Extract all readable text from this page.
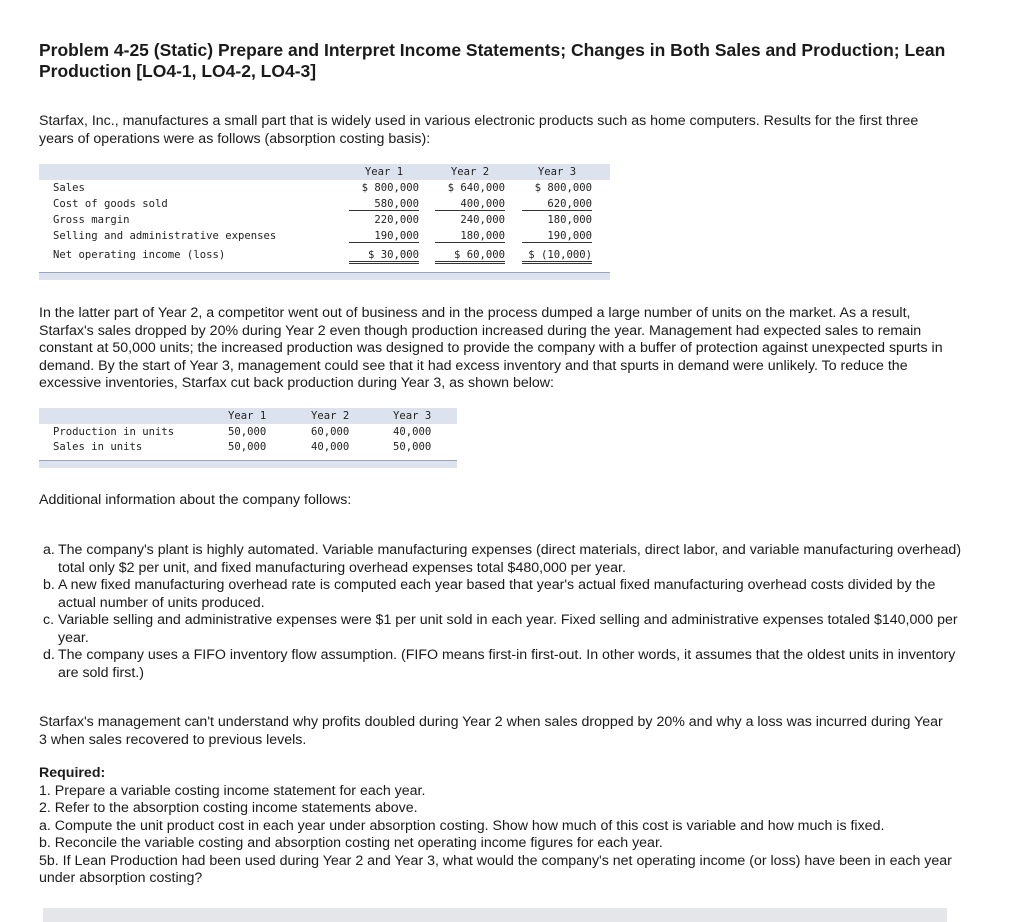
Problem 4-25 (Static) Prepare and Interpret Income Statements; Changes in Both Sales and Production; Lean Production [LO4-1, LO4-2, LO4-3]

Starfax, Inc., manufactures a small part that is widely used in various electronic products such as home computers. Results for the first three years of operations were as follows (absorption costing basis):

Year 1	Year 2	Year 3
Sales	$ 800,000	$ 640,000	$ 800,000
Cost of goods sold	580,000	400,000	620,000
Gross margin	220,000	240,000	180,000
Selling and administrative expenses	190,000	180,000	190,000
Net operating income (loss)	$ 30,000	$ 60,000	$ (10,000)

In the latter part of Year 2, a competitor went out of business and in the process dumped a large number of units on the market. As a result, Starfax's sales dropped by 20% during Year 2 even though production increased during the year. Management had expected sales to remain constant at 50,000 units; the increased production was designed to provide the company with a buffer of protection against unexpected spurts in demand. By the start of Year 3, management could see that it had excess inventory and that spurts in demand were unlikely. To reduce the excessive inventories, Starfax cut back production during Year 3, as shown below:

Year 1	Year 2	Year 3
Production in units	50,000	60,000	40,000
Sales in units	50,000	40,000	50,000

Additional information about the company follows:

a. The company's plant is highly automated. Variable manufacturing expenses (direct materials, direct labor, and variable manufacturing overhead) total only $2 per unit, and fixed manufacturing overhead expenses total $480,000 per year.
b. A new fixed manufacturing overhead rate is computed each year based that year's actual fixed manufacturing overhead costs divided by the actual number of units produced.
c. Variable selling and administrative expenses were $1 per unit sold in each year. Fixed selling and administrative expenses totaled $140,000 per year.
d. The company uses a FIFO inventory flow assumption. (FIFO means first-in first-out. In other words, it assumes that the oldest units in inventory are sold first.)

Starfax's management can't understand why profits doubled during Year 2 when sales dropped by 20% and why a loss was incurred during Year 3 when sales recovered to previous levels.

Required:
1. Prepare a variable costing income statement for each year.
2. Refer to the absorption costing income statements above.
a. Compute the unit product cost in each year under absorption costing. Show how much of this cost is variable and how much is fixed.
b. Reconcile the variable costing and absorption costing net operating income figures for each year.
5b. If Lean Production had been used during Year 2 and Year 3, what would the company's net operating income (or loss) have been in each year under absorption costing?
